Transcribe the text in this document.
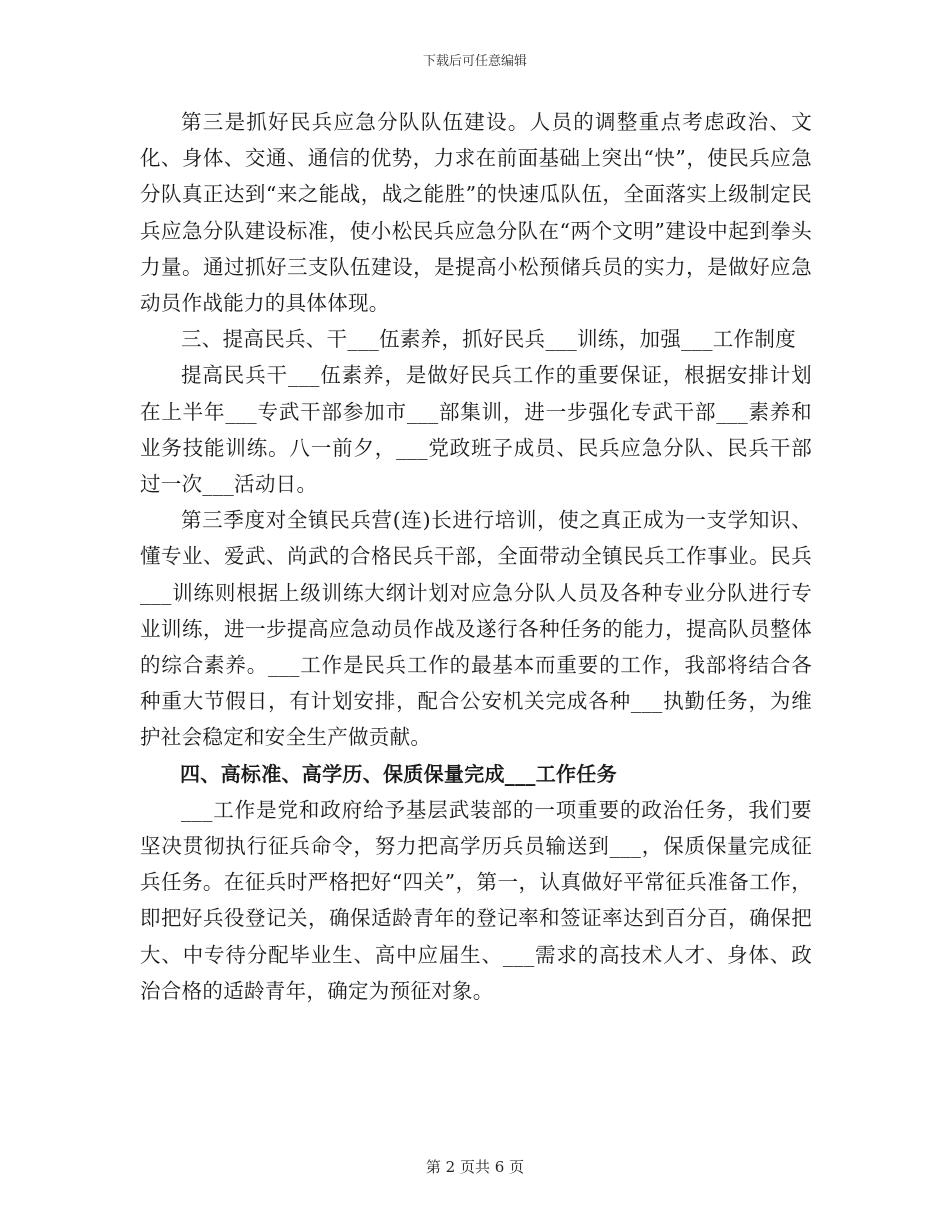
下载后可任意编辑

第三是抓好民兵应急分队队伍建设。人员的调整重点考虑政治、文化、身体、交通、通信的优势，力求在前面基础上突出“快”，使民兵应急分队真正达到“来之能战，战之能胜”的快速瓜队伍，全面落实上级制定民兵应急分队建设标准，使小松民兵应急分队在“两个文明”建设中起到拳头力量。通过抓好三支队伍建设，是提高小松预储兵员的实力，是做好应急动员作战能力的具体体现。

三、提高民兵、干___伍素养，抓好民兵___训练，加强___工作制度

提高民兵干___伍素养，是做好民兵工作的重要保证，根据安排计划在上半年___专武干部参加市___部集训，进一步强化专武干部___素养和业务技能训练。八一前夕，___党政班子成员、民兵应急分队、民兵干部过一次___活动日。

第三季度对全镇民兵营(连)长进行培训，使之真正成为一支学知识、懂专业、爱武、尚武的合格民兵干部，全面带动全镇民兵工作事业。民兵___训练则根据上级训练大纲计划对应急分队人员及各种专业分队进行专业训练，进一步提高应急动员作战及遂行各种任务的能力，提高队员整体的综合素养。___工作是民兵工作的最基本而重要的工作，我部将结合各种重大节假日，有计划安排，配合公安机关完成各种___执勤任务，为维护社会稳定和安全生产做贡献。

四、高标准、高学历、保质保量完成___工作任务

___工作是党和政府给予基层武装部的一项重要的政治任务，我们要坚决贯彻执行征兵命令，努力把高学历兵员输送到___，保质保量完成征兵任务。在征兵时严格把好“四关”，第一，认真做好平常征兵准备工作，即把好兵役登记关，确保适龄青年的登记率和签证率达到百分百，确保把大、中专待分配毕业生、高中应届生、___需求的高技术人才、身体、政治合格的适龄青年，确定为预征对象。

第 2 页共 6 页
